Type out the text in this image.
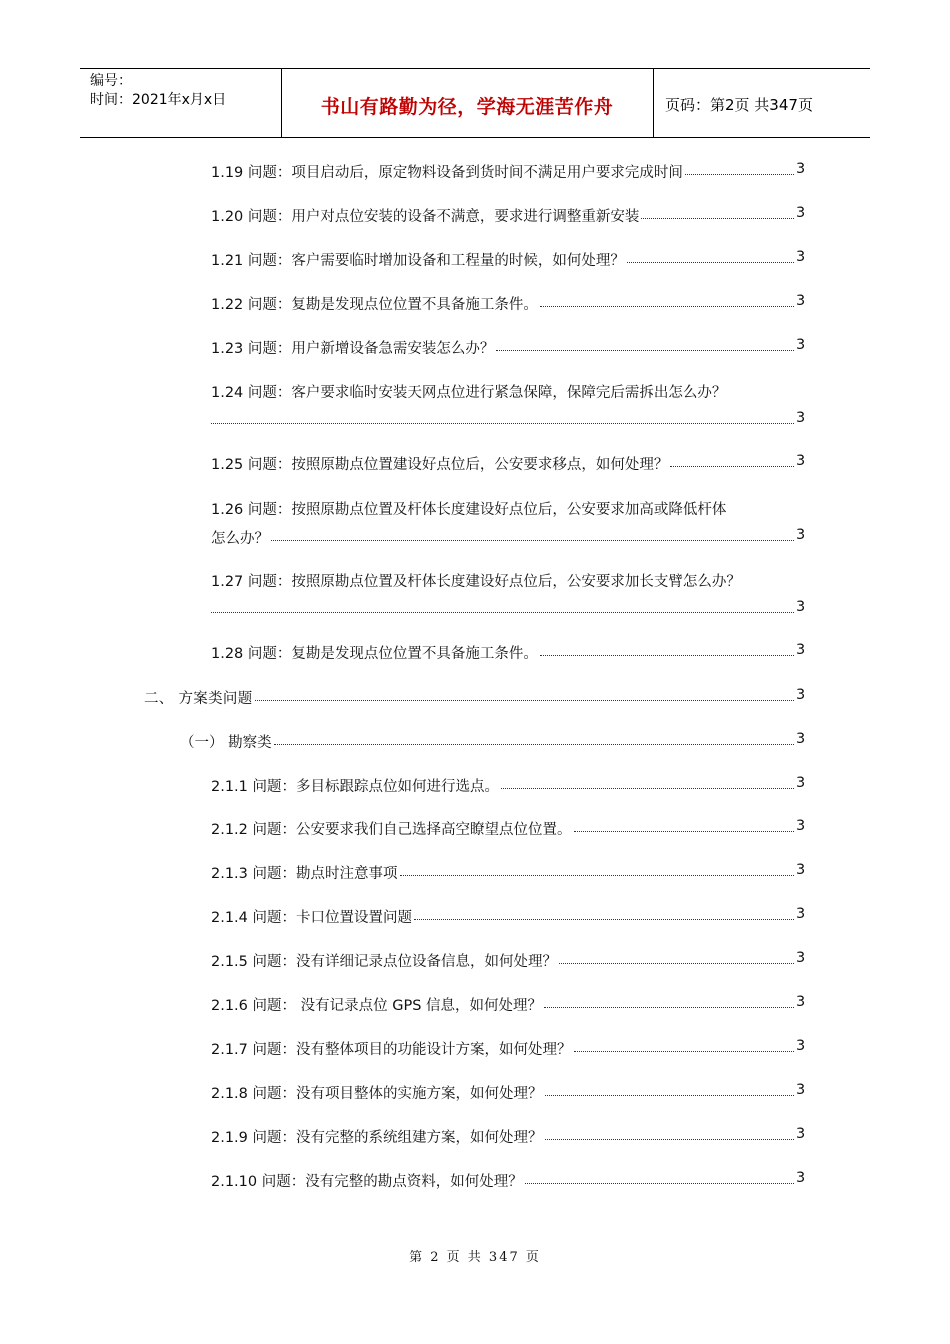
编号：
时间：2021年x月x日	书山有路勤为径，学海无涯苦作舟	页码：第2页 共347页
1.19 问题：项目启动后，原定物料设备到货时间不满足用户要求完成时间	3
1.20 问题：用户对点位安装的设备不满意，要求进行调整重新安装	3
1.21 问题：客户需要临时增加设备和工程量的时候，如何处理？	3
1.22 问题：复勘是发现点位位置不具备施工条件。	3
1.23 问题：用户新增设备急需安装怎么办？	3
1.24 问题：客户要求临时安装天网点位进行紧急保障，保障完后需拆出怎么办？
3
1.25 问题：按照原勘点位置建设好点位后，公安要求移点，如何处理？	3
1.26 问题：按照原勘点位置及杆体长度建设好点位后，公安要求加高或降低杆体
怎么办？	3
1.27 问题：按照原勘点位置及杆体长度建设好点位后，公安要求加长支臂怎么办？
3
1.28 问题：复勘是发现点位位置不具备施工条件。	3
二、 方案类问题	3
（一） 勘察类	3
2.1.1 问题：多目标跟踪点位如何进行选点。	3
2.1.2 问题：公安要求我们自己选择高空瞭望点位位置。	3
2.1.3 问题：勘点时注意事项	3
2.1.4 问题：卡口位置设置问题	3
2.1.5 问题：没有详细记录点位设备信息，如何处理？	3
2.1.6 问题： 没有记录点位 GPS 信息，如何处理？	3
2.1.7 问题：没有整体项目的功能设计方案，如何处理？	3
2.1.8 问题：没有项目整体的实施方案，如何处理？	3
2.1.9 问题：没有完整的系统组建方案，如何处理？	3
2.1.10 问题：没有完整的勘点资料，如何处理？	3
第 2 页 共 347 页
